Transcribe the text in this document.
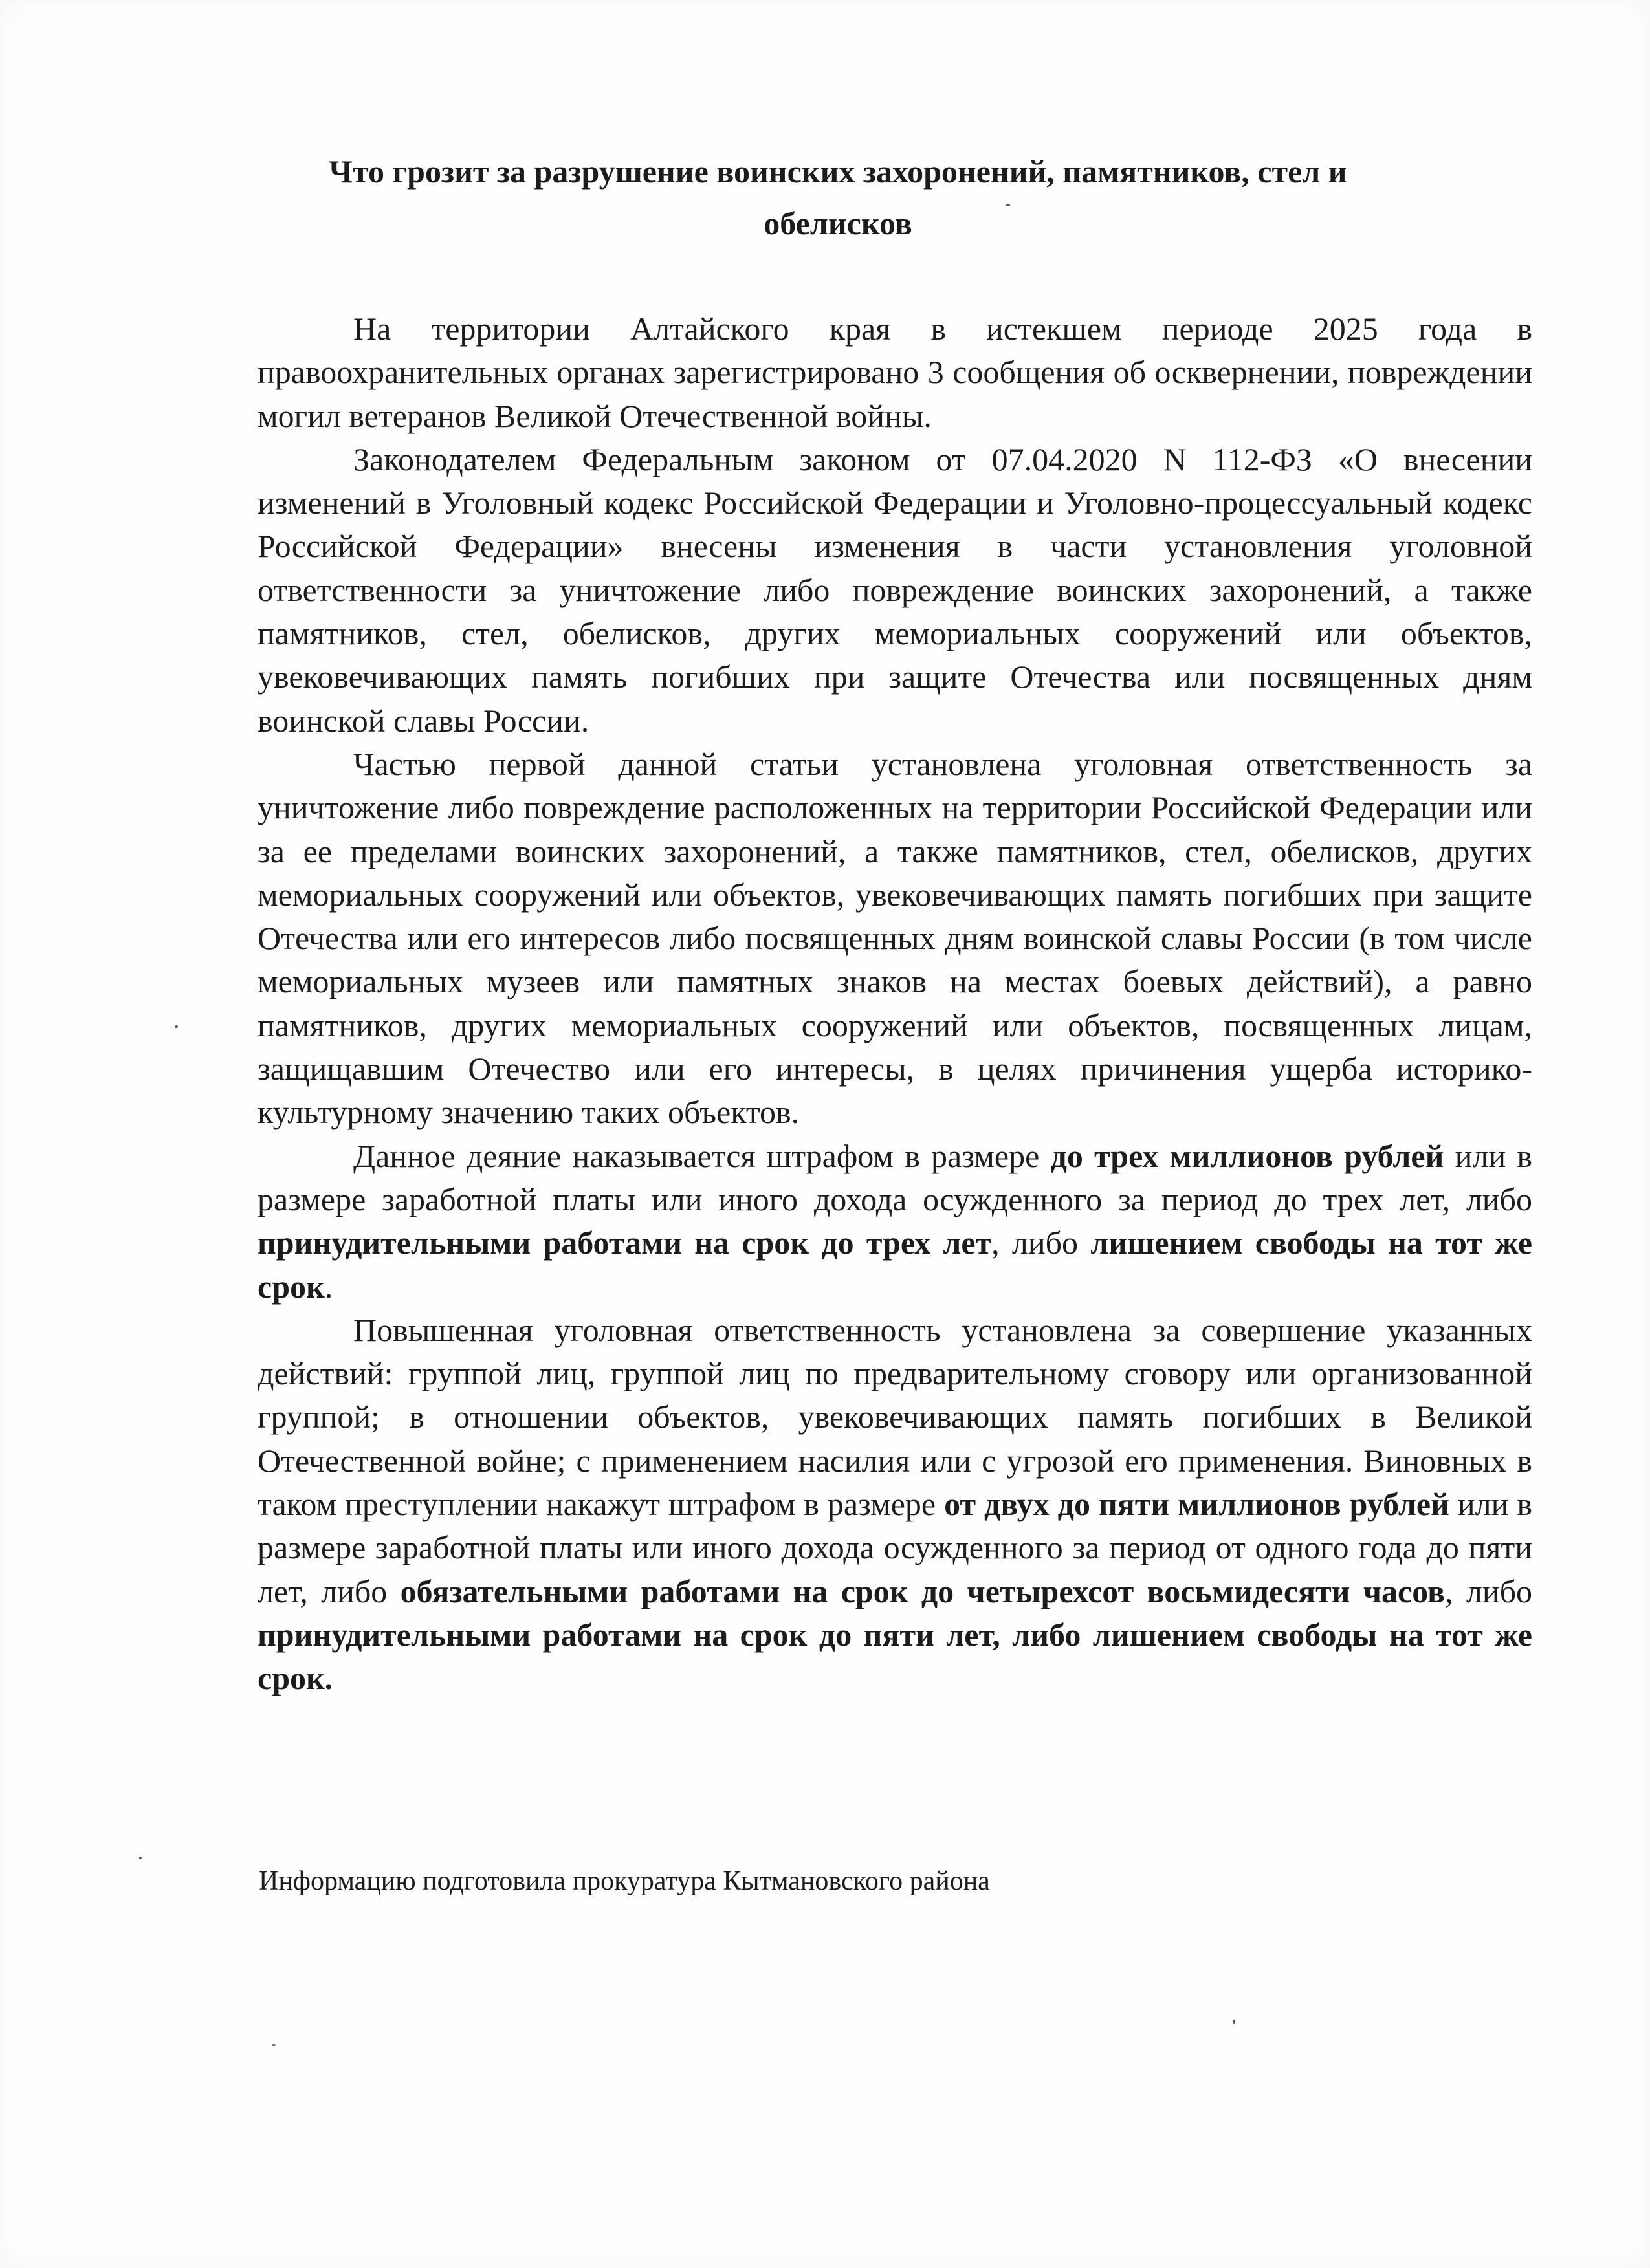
Что грозит за разрушение воинских захоронений, памятников, стел и обелисков

На территории Алтайского края в истекшем периоде 2025 года в правоохранительных органах зарегистрировано 3 сообщения об осквернении, повреждении могил ветеранов Великой Отечественной войны.

Законодателем Федеральным законом от 07.04.2020 N 112-ФЗ «О внесении изменений в Уголовный кодекс Российской Федерации и Уголовно-процессуальный кодекс Российской Федерации» внесены изменения в части установления уголовной ответственности за уничтожение либо повреждение воинских захоронений, а также памятников, стел, обелисков, других мемориальных сооружений или объектов, увековечивающих память погибших при защите Отечества или посвященных дням воинской славы России.

Частью первой данной статьи установлена уголовная ответственность за уничтожение либо повреждение расположенных на территории Российской Федерации или за ее пределами воинских захоронений, а также памятников, стел, обелисков, других мемориальных сооружений или объектов, увековечивающих память погибших при защите Отечества или его интересов либо посвященных дням воинской славы России (в том числе мемориальных музеев или памятных знаков на местах боевых действий), а равно памятников, других мемориальных сооружений или объектов, посвященных лицам, защищавшим Отечество или его интересы, в целях причинения ущерба историко-культурному значению таких объектов.

Данное деяние наказывается штрафом в размере до трех миллионов рублей или в размере заработной платы или иного дохода осужденного за период до трех лет, либо принудительными работами на срок до трех лет, либо лишением свободы на тот же срок.

Повышенная уголовная ответственность установлена за совершение указанных действий: группой лиц, группой лиц по предварительному сговору или организованной группой; в отношении объектов, увековечивающих память погибших в Великой Отечественной войне; с применением насилия или с угрозой его применения. Виновных в таком преступлении накажут штрафом в размере от двух до пяти миллионов рублей или в размере заработной платы или иного дохода осужденного за период от одного года до пяти лет, либо обязательными работами на срок до четырехсот восьмидесяти часов, либо принудительными работами на срок до пяти лет, либо лишением свободы на тот же срок.

Информацию подготовила прокуратура Кытмановского района
